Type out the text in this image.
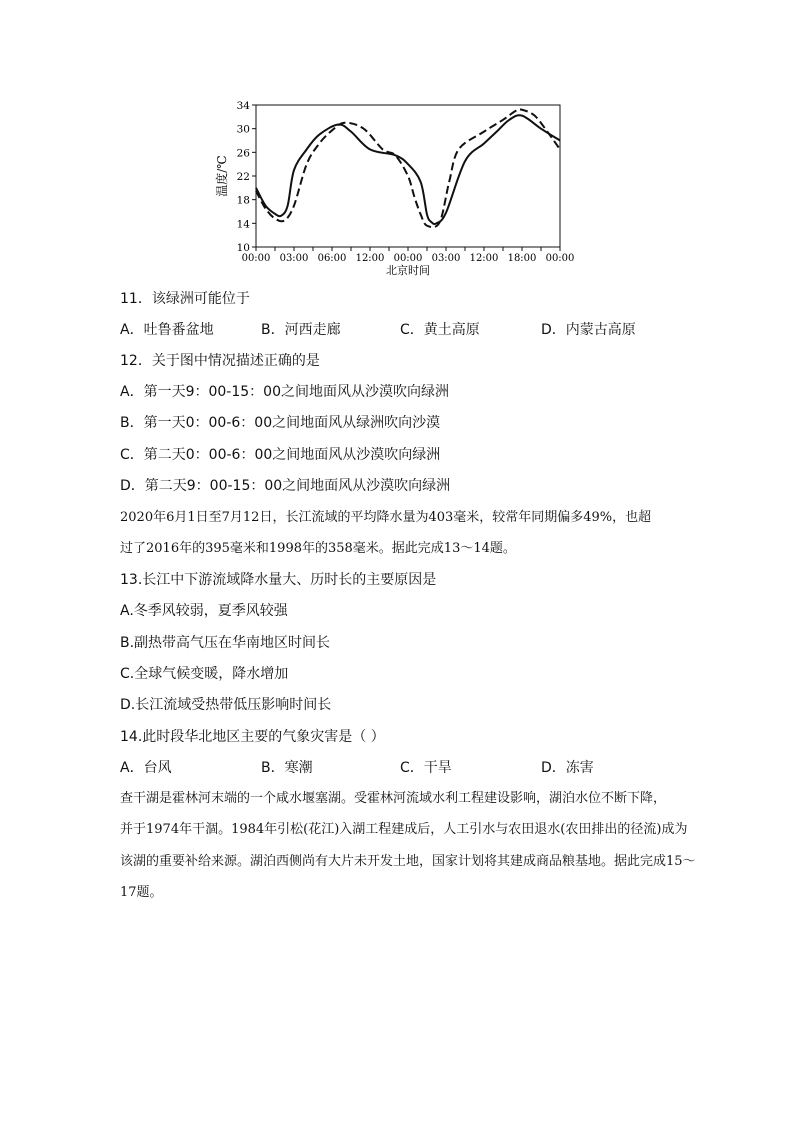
温度/℃
北京时间
10
14
18
22
26
30
34
00:00 03:00 06:00 12:00 00:00 03:00 12:00 18:00 00:00
11．该绿洲可能位于
A．吐鲁番盆地	B．河西走廊	C．黄土高原	D．内蒙古高原
12．关于图中情况描述正确的是
A．第一天9：00-15：00之间地面风从沙漠吹向绿洲
B．第一天0：00-6：00之间地面风从绿洲吹向沙漠
C．第二天0：00-6：00之间地面风从沙漠吹向绿洲
D．第二天9：00-15：00之间地面风从沙漠吹向绿洲
2020年6月1日至7月12日，长江流域的平均降水量为403毫米，较常年同期偏多49%，也超
过了2016年的395毫米和1998年的358毫米。据此完成13～14题。
13.长江中下游流域降水量大、历时长的主要原因是
A.冬季风较弱，夏季风较强
B.副热带高气压在华南地区时间长
C.全球气候变暖，降水增加
D.长江流域受热带低压影响时间长
14.此时段华北地区主要的气象灾害是（ ）
A．台风	B．寒潮	C．干旱	D．冻害
查干湖是霍林河末端的一个咸水堰塞湖。受霍林河流域水利工程建设影响，湖泊水位不断下降，
并于1974年干涸。1984年引松(花江)入湖工程建成后，人工引水与农田退水(农田排出的径流)成为
该湖的重要补给来源。湖泊西侧尚有大片未开发土地，国家计划将其建成商品粮基地。据此完成15～
17题。
